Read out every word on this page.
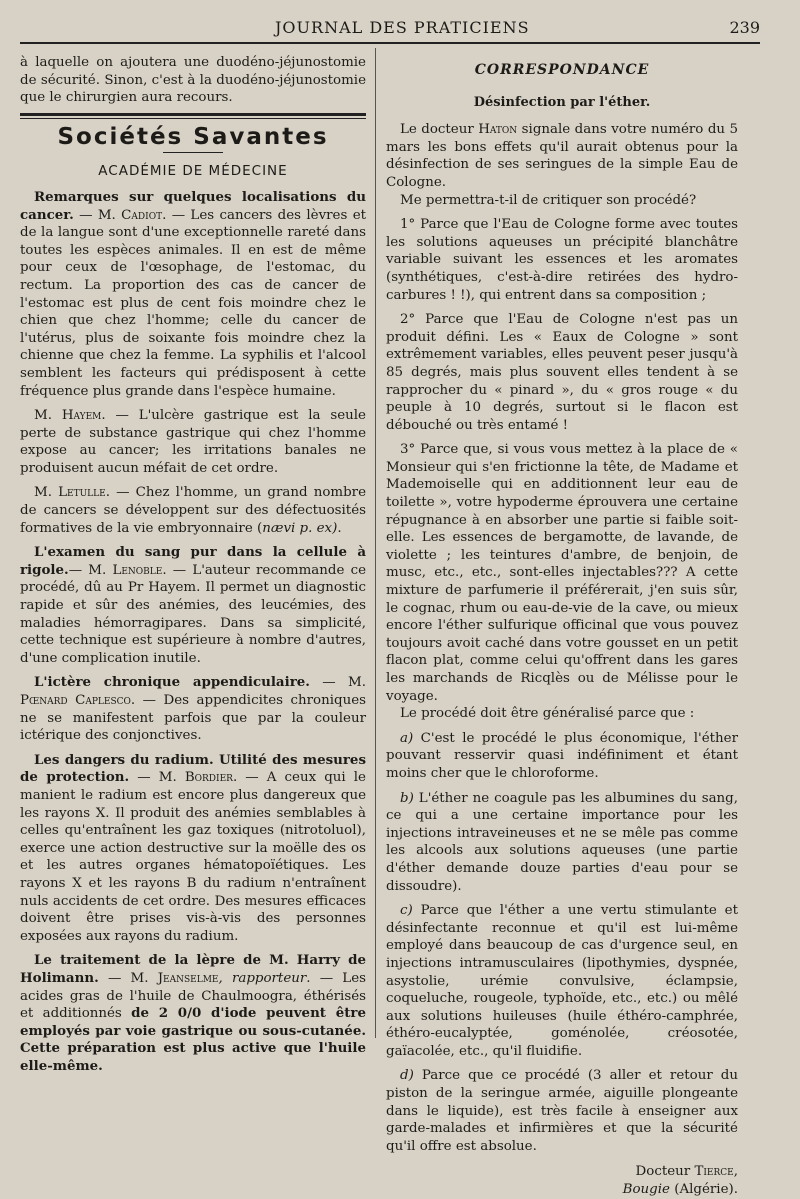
JOURNAL DES PRATICIENS	239

à laquelle on ajoutera une duodéno-jéjunostomie de sécurité. Sinon, c'est à la duodéno-jéjunostomie que le chirurgien aura recours.

Sociétés Savantes
ACADÉMIE DE MÉDECINE

Remarques sur quelques localisations du cancer. — M. Cadiot. — Les cancers des lèvres et de la langue sont d'une exceptionnelle rareté dans toutes les espèces animales. Il en est de même pour ceux de l'œsophage, de l'estomac, du rectum. La proportion des cas de cancer de l'estomac est plus de cent fois moindre chez le chien que chez l'homme; celle du cancer de l'utérus, plus de soixante fois moindre chez la chienne que chez la femme. La syphilis et l'alcool semblent les facteurs qui prédisposent à cette fréquence plus grande dans l'espèce humaine.

M. Hayem. — L'ulcère gastrique est la seule perte de substance gastrique qui chez l'homme expose au cancer; les irritations banales ne produisent aucun méfait de cet ordre.

M. Letulle. — Chez l'homme, un grand nombre de cancers se développent sur des défectuosités formatives de la vie embryonnaire (nævi p. ex).

L'examen du sang pur dans la cellule à rigole.— M. Lenoble. — L'auteur recommande ce procédé, dû au Pr Hayem. Il permet un diagnostic rapide et sûr des anémies, des leucémies, des maladies hémorragipares. Dans sa simplicité, cette technique est supérieure à nombre d'autres, d'une complication inutile.

L'ictère chronique appendiculaire. — M. Pœnard Caplesco. — Des appendicites chroniques ne se manifestent parfois que par la couleur ictérique des conjonctives.

Les dangers du radium. Utilité des mesures de protection. — M. Bordier. — A ceux qui le manient le radium est encore plus dangereux que les rayons X. Il produit des anémies semblables à celles qu'entraînent les gaz toxiques (nitrotoluol), exerce une action destructive sur la moëlle des os et les autres organes hématopoïétiques. Les rayons X et les rayons B du radium n'entraînent nuls accidents de cet ordre. Des mesures efficaces doivent être prises vis-à-vis des personnes exposées aux rayons du radium.

Le traitement de la lèpre de M. Harry de Holimann. — M. Jeanselme, rapporteur. — Les acides gras de l'huile de Chaulmoogra, éthérisés et additionnés de 2 0/0 d'iode peuvent être employés par voie gastrique ou sous-cutanée. Cette préparation est plus active que l'huile elle-même.

CORRESPONDANCE
Désinfection par l'éther.

Le docteur Haton signale dans votre numéro du 5 mars les bons effets qu'il aurait obtenus pour la désinfection de ses seringues de la simple Eau de Cologne.

Me permettra-t-il de critiquer son procédé?

1° Parce que l'Eau de Cologne forme avec toutes les solutions aqueuses un précipité blanchâtre variable suivant les essences et les aromates (synthétiques, c'est-à-dire retirées des hydro-carbures ! !), qui entrent dans sa composition ;

2° Parce que l'Eau de Cologne n'est pas un produit défini. Les « Eaux de Cologne » sont extrêmement variables, elles peuvent peser jusqu'à 85 degrés, mais plus souvent elles tendent à se rapprocher du « pinard », du « gros rouge « du peuple à 10 degrés, surtout si le flacon est débouché ou très entamé !

3° Parce que, si vous vous mettez à la place de « Monsieur qui s'en frictionne la tête, de Madame et Mademoiselle qui en additionnent leur eau de toilette », votre hypoderme éprouvera une certaine répugnance à en absorber une partie si faible soit-elle. Les essences de bergamotte, de lavande, de violette ; les teintures d'ambre, de benjoin, de musc, etc., etc., sont-elles injectables??? A cette mixture de parfumerie il préférerait, j'en suis sûr, le cognac, rhum ou eau-de-vie de la cave, ou mieux encore l'éther sulfurique officinal que vous pouvez toujours avoit caché dans votre gousset en un petit flacon plat, comme celui qu'offrent dans les gares les marchands de Ricqlès ou de Mélisse pour le voyage.

Le procédé doit être généralisé parce que :

a) C'est le procédé le plus économique, l'éther pouvant resservir quasi indéfiniment et étant moins cher que le chloroforme.

b) L'éther ne coagule pas les albumines du sang, ce qui a une certaine importance pour les injections intraveineuses et ne se mêle pas comme les alcools aux solutions aqueuses (une partie d'éther demande douze parties d'eau pour se dissoudre).

c) Parce que l'éther a une vertu stimulante et désinfectante reconnue et qu'il est lui-même employé dans beaucoup de cas d'urgence seul, en injections intramusculaires (lipothymies, dyspnée, asystolie, urémie convulsive, éclampsie, coqueluche, rougeole, typhoïde, etc., etc.) ou mêlé aux solutions huileuses (huile éthéro-camphrée, éthéro-eucalyptée, goménolée, créosotée, gaïacolée, etc., qu'il fluidifie.

d) Parce que ce procédé (3 aller et retour du piston de la seringue armée, aiguille plongeante dans le liquide), est très facile à enseigner aux garde-malades et infirmières et que la sécurité qu'il offre est absolue.

Docteur Tierce,

Bougie (Algérie).
